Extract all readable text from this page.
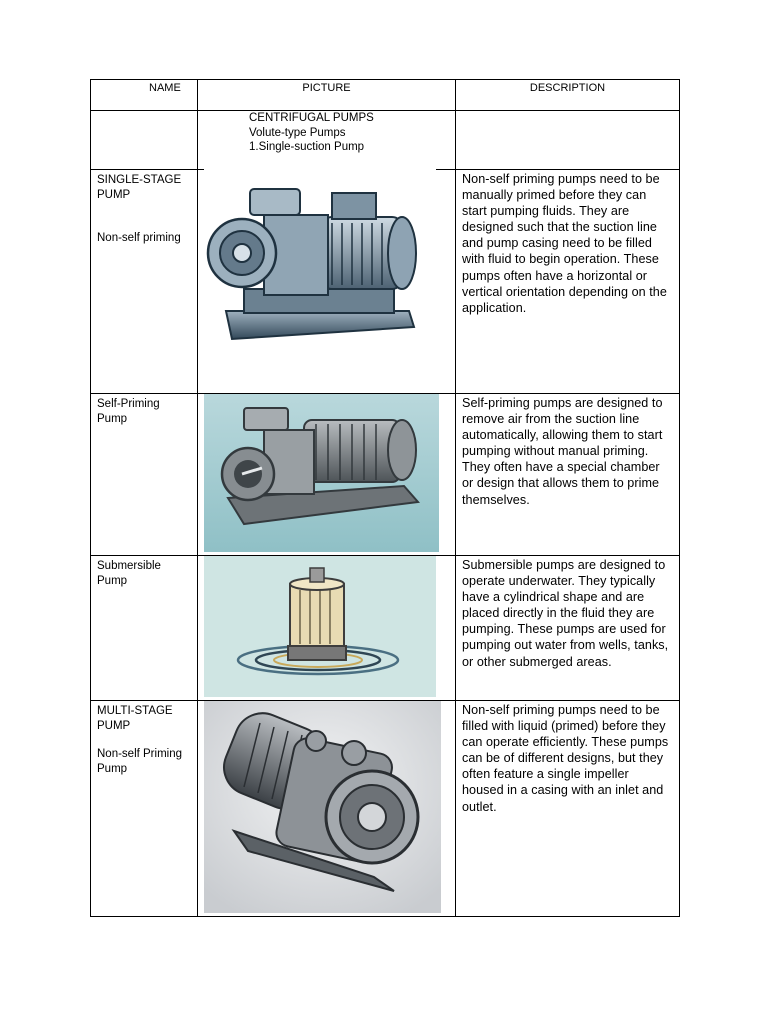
NAME	PICTURE	DESCRIPTION

	CENTRIFUGAL PUMPS
Volute-type Pumps
1.Single-suction Pump	

SINGLE-STAGE PUMP
Non-self priming		Non-self priming pumps need to be manually primed before they can start pumping fluids. They are designed such that the suction line and pump casing need to be filled with fluid to begin operation. These pumps often have a horizontal or vertical orientation depending on the application.
Self-Priming Pump		Self-priming pumps are designed to remove air from the suction line automatically, allowing them to start pumping without manual priming. They often have a special chamber or design that allows them to prime themselves.
Submersible Pump		Submersible pumps are designed to operate underwater. They typically have a cylindrical shape and are placed directly in the fluid they are pumping. These pumps are used for pumping out water from wells, tanks, or other submerged areas.
MULTI-STAGE PUMP
Non-self Priming Pump		Non-self priming pumps need to be filled with liquid (primed) before they can operate efficiently. These pumps can be of different designs, but they often feature a single impeller housed in a casing with an inlet and outlet.
